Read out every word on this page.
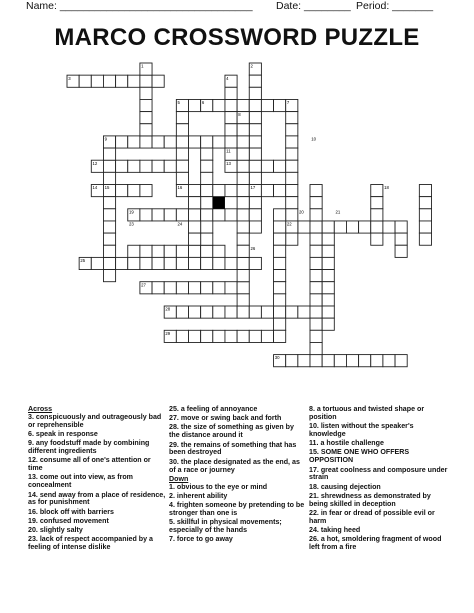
Name: _________________________________ Date: ________ Period: _______
MARCO CROSSWORD PUZZLE
1	2
3	4
5	6	7
8
9	10
11
12	13
14 15	16	17	18
19	20	21
22
23	24
25
26
27
28
29
30

Across

3. conspicuously and outrageously bad or reprehensible

6. speak in response

9. any foodstuff made by combining different ingredients

12. consume all of one's attention or time

13. come out into view, as from concealment

14. send away from a place of residence, as for punishment

16. block off with barriers

19. confused movement

20. slightly salty

23. lack of respect accompanied by a feeling of intense dislike

25. a feeling of annoyance

27. move or swing back and forth

28. the size of something as given by the distance around it

29. the remains of something that has been destroyed

30. the place designated as the end, as of a race or journey

Down

1. obvious to the eye or mind

2. inherent ability

4. frighten someone by pretending to be stronger than one is

5. skillful in physical movements; especially of the hands

7. force to go away

8. a tortuous and twisted shape or position

10. listen without the speaker's knowledge

11. a hostile challenge

15. SOME ONE WHO OFFERS OPPOSITION

17. great coolness and composure under strain

18. causing dejection

21. shrewdness as demonstrated by being skilled in deception

22. in fear or dread of possible evil or harm

24. taking heed

26. a hot, smoldering fragment of wood left from a fire
